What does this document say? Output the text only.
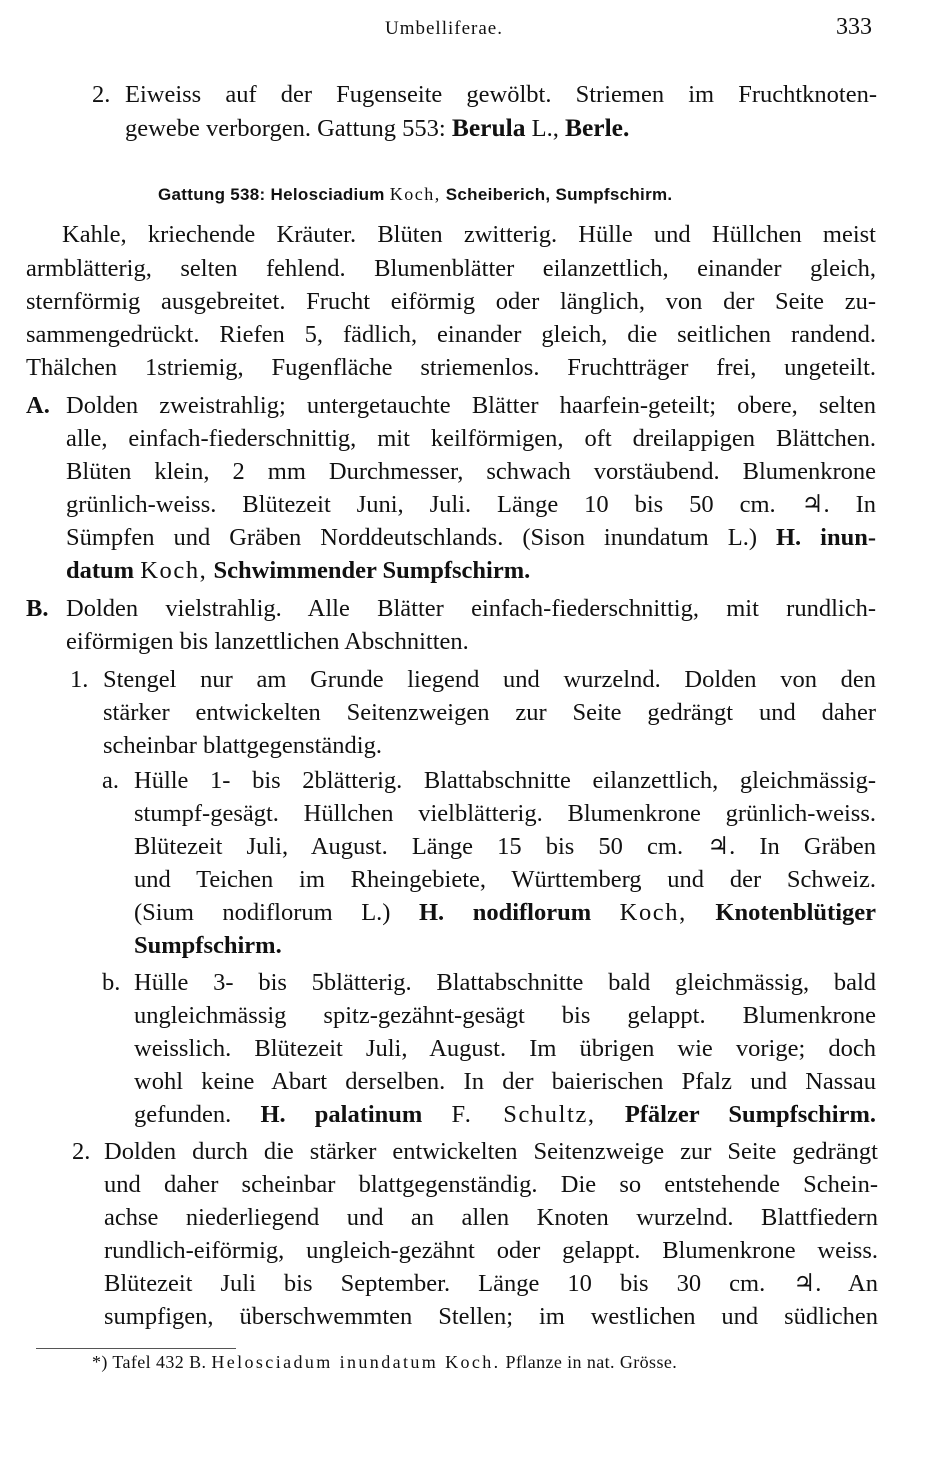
Umbelliferae.	333
2. Eiweiss auf der Fugenseite gewölbt. Striemen im Fruchtknoten-
gewebe verborgen. Gattung 553: Berula L., Berle.
Gattung 538: Helosciadium Koch, Scheiberich, Sumpfschirm.
Kahle, kriechende Kräuter. Blüten zwitterig. Hülle und Hüllchen meist
armblätterig, selten fehlend. Blumenblätter eilanzettlich, einander gleich,
sternförmig ausgebreitet. Frucht eiförmig oder länglich, von der Seite zu-
sammengedrückt. Riefen 5, fädlich, einander gleich, die seitlichen randend.
Thälchen 1striemig, Fugenfläche striemenlos. Fruchtträger frei, ungeteilt.
A. Dolden zweistrahlig; untergetauchte Blätter haarfein-geteilt; obere, selten
alle, einfach-fiederschnittig, mit keilförmigen, oft dreilappigen Blättchen.
Blüten klein, 2 mm Durchmesser, schwach vorstäubend. Blumenkrone
grünlich-weiss. Blütezeit Juni, Juli. Länge 10 bis 50 cm. ♃. In
Sümpfen und Gräben Norddeutschlands. (Sison inundatum L.) H. inun-
datum Koch, Schwimmender Sumpfschirm.
B. Dolden vielstrahlig. Alle Blätter einfach-fiederschnittig, mit rundlich-
eiförmigen bis lanzettlichen Abschnitten.
1. Stengel nur am Grunde liegend und wurzelnd. Dolden von den
stärker entwickelten Seitenzweigen zur Seite gedrängt und daher
scheinbar blattgegenständig.
a. Hülle 1- bis 2blätterig. Blattabschnitte eilanzettlich, gleichmässig-
stumpf-gesägt. Hüllchen vielblätterig. Blumenkrone grünlich-weiss.
Blütezeit Juli, August. Länge 15 bis 50 cm. ♃. In Gräben
und Teichen im Rheingebiete, Württemberg und der Schweiz.
(Sium nodiflorum L.) H. nodiflorum Koch, Knotenblütiger
Sumpfschirm.
b. Hülle 3- bis 5blätterig. Blattabschnitte bald gleichmässig, bald
ungleichmässig spitz-gezähnt-gesägt bis gelappt. Blumenkrone
weisslich. Blütezeit Juli, August. Im übrigen wie vorige; doch
wohl keine Abart derselben. In der baierischen Pfalz und Nassau
gefunden. H. palatinum F. Schultz, Pfälzer Sumpfschirm.
2. Dolden durch die stärker entwickelten Seitenzweige zur Seite gedrängt
und daher scheinbar blattgegenständig. Die so entstehende Schein-
achse niederliegend und an allen Knoten wurzelnd. Blattfiedern
rundlich-eiförmig, ungleich-gezähnt oder gelappt. Blumenkrone weiss.
Blütezeit Juli bis September. Länge 10 bis 30 cm. ♃. An
sumpfigen, überschwemmten Stellen; im westlichen und südlichen
*) Tafel 432 B. Helosciadum inundatum Koch. Pflanze in nat. Grösse.
